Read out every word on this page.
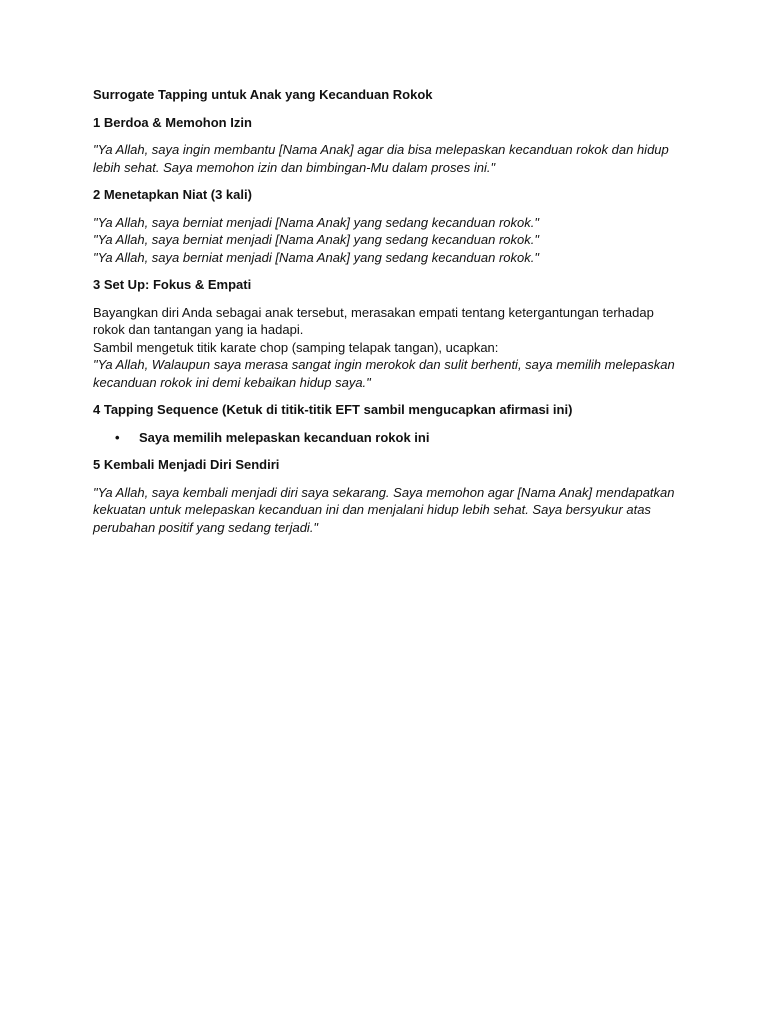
Surrogate Tapping untuk Anak yang Kecanduan Rokok
1 Berdoa & Memohon Izin
"Ya Allah, saya ingin membantu [Nama Anak] agar dia bisa melepaskan kecanduan rokok dan hidup
lebih sehat. Saya memohon izin dan bimbingan-Mu dalam proses ini."
2 Menetapkan Niat (3 kali)
"Ya Allah, saya berniat menjadi [Nama Anak] yang sedang kecanduan rokok."
"Ya Allah, saya berniat menjadi [Nama Anak] yang sedang kecanduan rokok."
"Ya Allah, saya berniat menjadi [Nama Anak] yang sedang kecanduan rokok."
3 Set Up: Fokus & Empati
Bayangkan diri Anda sebagai anak tersebut, merasakan empati tentang ketergantungan terhadap
rokok dan tantangan yang ia hadapi.
Sambil mengetuk titik karate chop (samping telapak tangan), ucapkan:
"Ya Allah, Walaupun saya merasa sangat ingin merokok dan sulit berhenti, saya memilih melepaskan
kecanduan rokok ini demi kebaikan hidup saya."
4 Tapping Sequence (Ketuk di titik-titik EFT sambil mengucapkan afirmasi ini)
• Saya memilih melepaskan kecanduan rokok ini
5 Kembali Menjadi Diri Sendiri
"Ya Allah, saya kembali menjadi diri saya sekarang. Saya memohon agar [Nama Anak] mendapatkan
kekuatan untuk melepaskan kecanduan ini dan menjalani hidup lebih sehat. Saya bersyukur atas
perubahan positif yang sedang terjadi."
